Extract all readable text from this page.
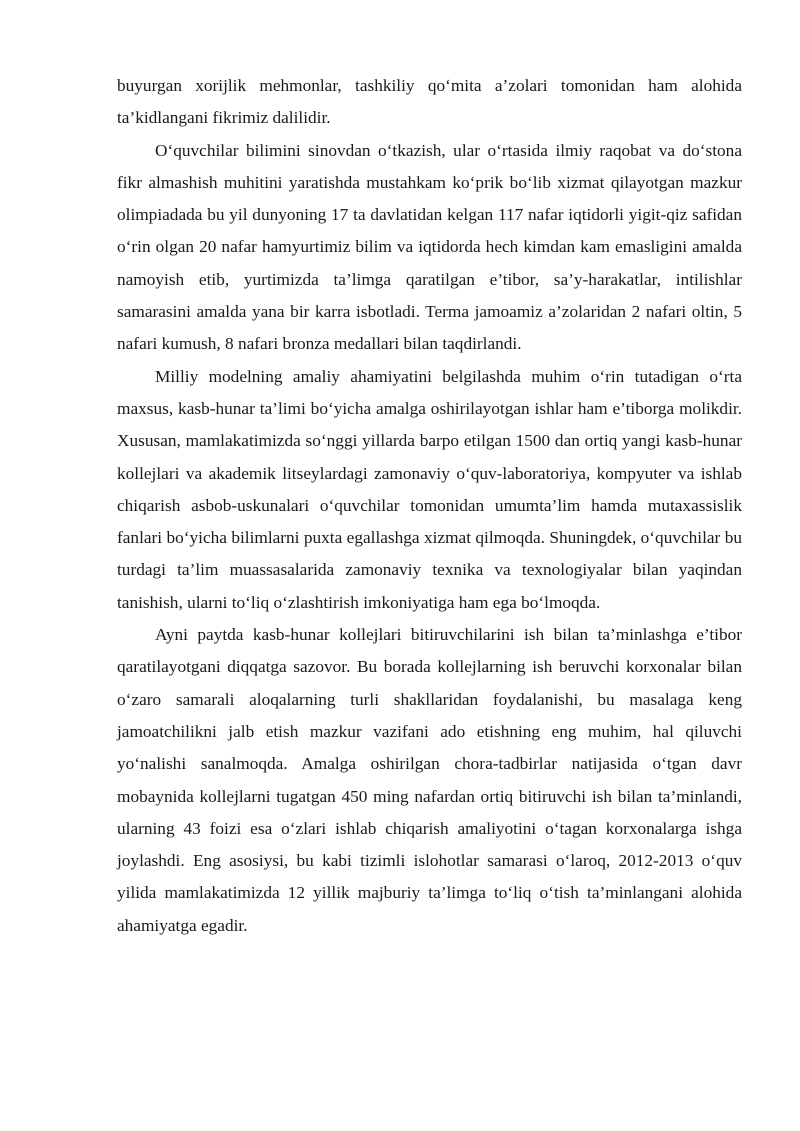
buyurgan xorijlik mehmonlar, tashkiliy qo‘mita a’zolari tomonidan ham alohida ta’kidlangani fikrimiz dalilidir.

O‘quvchilar bilimini sinovdan o‘tkazish, ular o‘rtasida ilmiy raqobat va do‘stona fikr almashish muhitini yaratishda mustahkam ko‘prik bo‘lib xizmat qilayotgan mazkur olimpiadada bu yil dunyoning 17 ta davlatidan kelgan 117 nafar iqtidorli yigit-qiz safidan o‘rin olgan 20 nafar hamyurtimiz bilim va iqtidorda hech kimdan kam emasligini amalda namoyish etib, yurtimizda ta’limga qaratilgan e’tibor, sa’y-harakatlar, intilishlar samarasini amalda yana bir karra isbotladi. Terma jamoamiz a’zolaridan 2 nafari oltin, 5 nafari kumush, 8 nafari bronza medallari bilan taqdirlandi.

Milliy modelning amaliy ahamiyatini belgilashda muhim o‘rin tutadigan o‘rta maxsus, kasb-hunar ta’limi bo‘yicha amalga oshirilayotgan ishlar ham e’tiborga molikdir. Xususan, mamlakatimizda so‘nggi yillarda barpo etilgan 1500 dan ortiq yangi kasb-hunar kollejlari va akademik litseylardagi zamonaviy o‘quv-laboratoriya, kompyuter va ishlab chiqarish asbob-uskunalari o‘quvchilar tomonidan umumta’lim hamda mutaxassislik fanlari bo‘yicha bilimlarni puxta egallashga xizmat qilmoqda. Shuningdek, o‘quvchilar bu turdagi ta’lim muassasalarida zamonaviy texnika va texnologiyalar bilan yaqindan tanishish, ularni to‘liq o‘zlashtirish imkoniyatiga ham ega bo‘lmoqda.

Ayni paytda kasb-hunar kollejlari bitiruvchilarini ish bilan ta’minlashga e’tibor qaratilayotgani diqqatga sazovor. Bu borada kollejlarning ish beruvchi korxonalar bilan o‘zaro samarali aloqalarning turli shakllaridan foydalanishi, bu masalaga keng jamoatchilikni jalb etish mazkur vazifani ado etishning eng muhim, hal qiluvchi yo‘nalishi sanalmoqda. Amalga oshirilgan chora-tadbirlar natijasida o‘tgan davr mobaynida kollejlarni tugatgan 450 ming nafardan ortiq bitiruvchi ish bilan ta’minlandi, ularning 43 foizi esa o‘zlari ishlab chiqarish amaliyotini o‘tagan korxonalarga ishga joylashdi. Eng asosiysi, bu kabi tizimli islohotlar samarasi o‘laroq, 2012-2013 o‘quv yilida mamlakatimizda 12 yillik majburiy ta’limga to‘liq o‘tish ta’minlangani alohida ahamiyatga egadir.
